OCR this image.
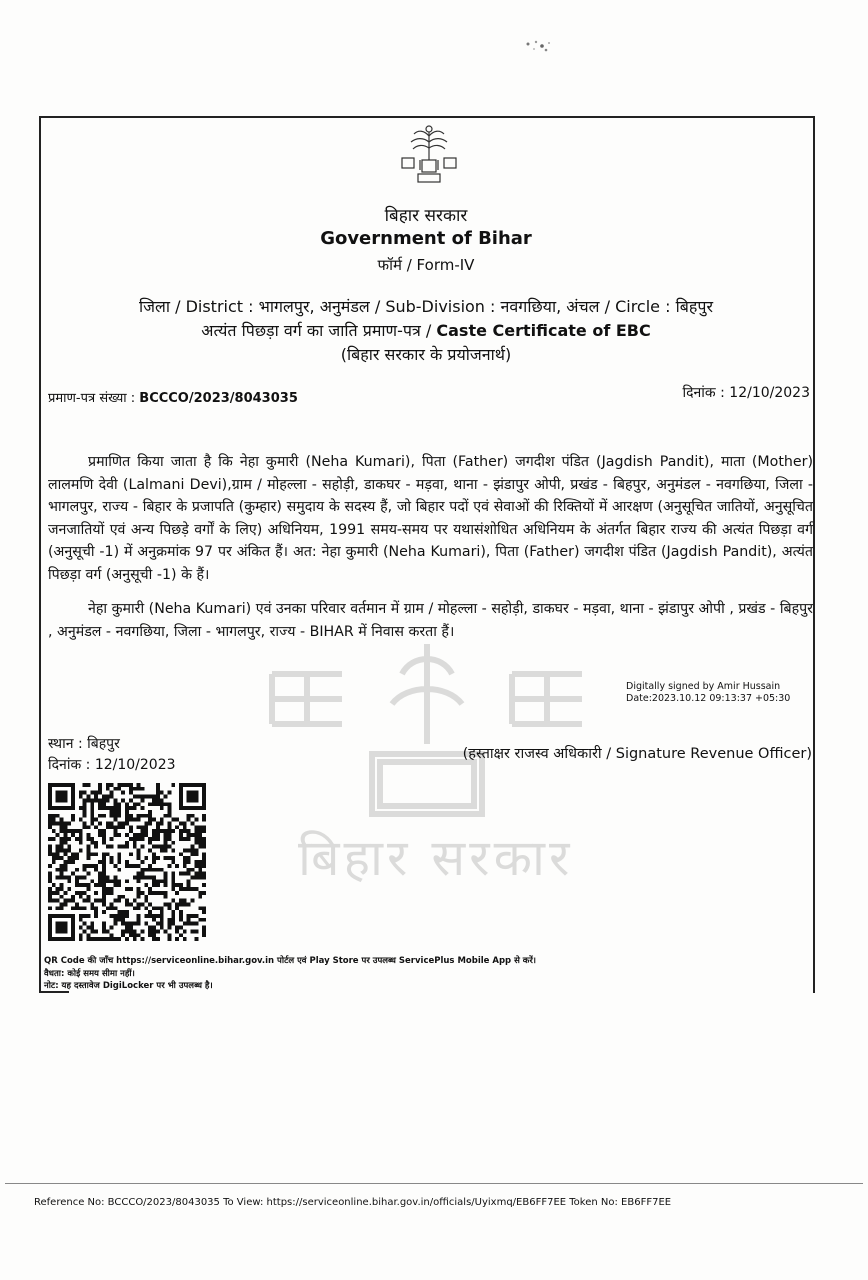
बिहार सरकार
Government of Bihar
फॉर्म / Form-IV
जिला / District : भागलपुर, अनुमंडल / Sub-Division : नवगछिया, अंचल / Circle : बिहपुर
अत्यंत पिछड़ा वर्ग का जाति प्रमाण-पत्र / Caste Certificate of EBC
(बिहार सरकार के प्रयोजनार्थ)
प्रमाण-पत्र संख्या : BCCCO/2023/8043035	दिनांक : 12/10/2023
बिहार सरकार
प्रमाणित किया जाता है कि नेहा कुमारी (Neha Kumari), पिता (Father) जगदीश पंडित (Jagdish Pandit), माता (Mother) लालमणि देवी (Lalmani Devi),ग्राम / मोहल्ला - सहोड़ी, डाकघर - मड़वा, थाना - झंडापुर ओपी, प्रखंड - बिहपुर, अनुमंडल - नवगछिया, जिला - भागलपुर, राज्य - बिहार के प्रजापति (कुम्हार) समुदाय के सदस्य हैं, जो बिहार पदों एवं सेवाओं की रिक्तियों में आरक्षण (अनुसूचित जातियों, अनुसूचित जनजातियों एवं अन्य पिछड़े वर्गों के लिए) अधिनियम, 1991 समय-समय पर यथासंशोधित अधिनियम के अंतर्गत बिहार राज्य की अत्यंत पिछड़ा वर्ग (अनुसूची -1) में अनुक्रमांक 97 पर अंकित हैं। अत: नेहा कुमारी (Neha Kumari), पिता (Father) जगदीश पंडित (Jagdish Pandit), अत्यंत पिछड़ा वर्ग (अनुसूची -1) के हैं।
नेहा कुमारी (Neha Kumari) एवं उनका परिवार वर्तमान में ग्राम / मोहल्ला - सहोड़ी, डाकघर - मड़वा, थाना - झंडापुर ओपी , प्रखंड - बिहपुर , अनुमंडल - नवगछिया, जिला - भागलपुर, राज्य - BIHAR में निवास करता हैं।
Digitally signed by Amir Hussain
Date:2023.10.12 09:13:37 +05:30
स्थान : बिहपुर
दिनांक : 12/10/2023
(हस्ताक्षर राजस्व अधिकारी / Signature Revenue Officer)
QR Code की जाँच https://serviceonline.bihar.gov.in पोर्टल एवं Play Store पर उपलब्ध ServicePlus Mobile App से करें।
वैधता: कोई समय सीमा नहीं।
नोट: यह दस्तावेज DigiLocker पर भी उपलब्ध है।
Reference No: BCCCO/2023/8043035 To View: https://serviceonline.bihar.gov.in/officials/Uyixmq/EB6FF7EE Token No: EB6FF7EE
